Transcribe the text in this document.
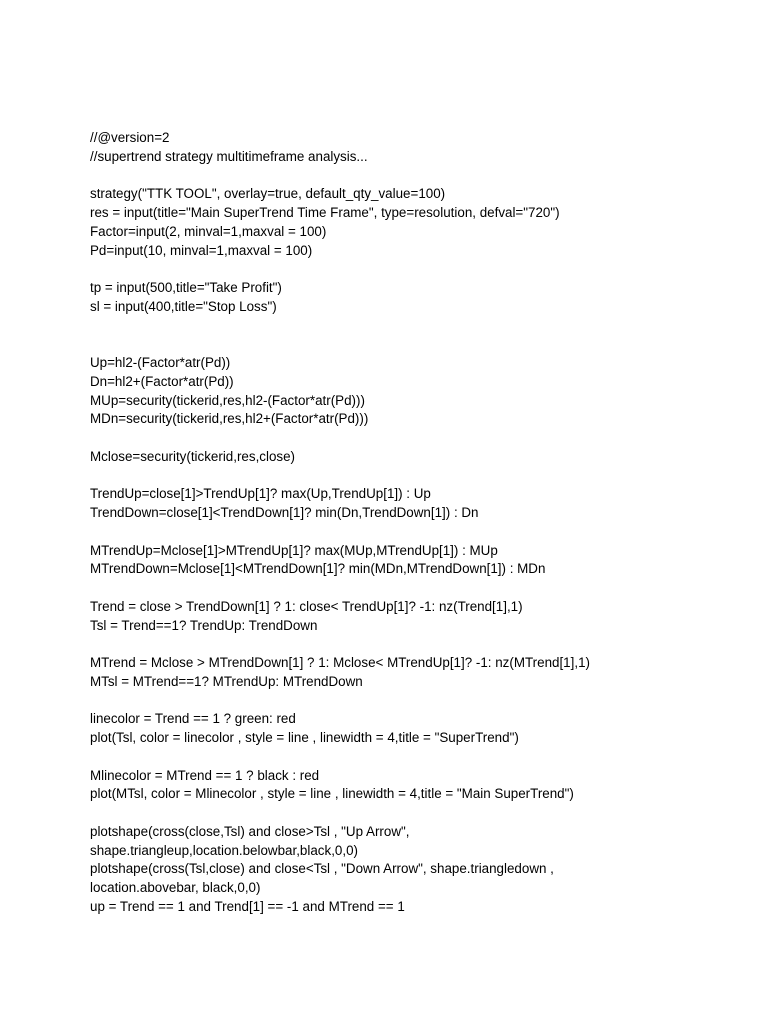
//@version=2
//supertrend strategy multitimeframe analysis...
strategy("TTK TOOL", overlay=true, default_qty_value=100)
res = input(title="Main SuperTrend Time Frame", type=resolution, defval="720")
Factor=input(2, minval=1,maxval = 100)
Pd=input(10, minval=1,maxval = 100)
tp = input(500,title="Take Profit")
sl = input(400,title="Stop Loss")
Up=hl2-(Factor*atr(Pd))
Dn=hl2+(Factor*atr(Pd))
MUp=security(tickerid,res,hl2-(Factor*atr(Pd)))
MDn=security(tickerid,res,hl2+(Factor*atr(Pd)))
Mclose=security(tickerid,res,close)
TrendUp=close[1]>TrendUp[1]? max(Up,TrendUp[1]) : Up
TrendDown=close[1]<TrendDown[1]? min(Dn,TrendDown[1]) : Dn
MTrendUp=Mclose[1]>MTrendUp[1]? max(MUp,MTrendUp[1]) : MUp
MTrendDown=Mclose[1]<MTrendDown[1]? min(MDn,MTrendDown[1]) : MDn
Trend = close > TrendDown[1] ? 1: close< TrendUp[1]? -1: nz(Trend[1],1)
Tsl = Trend==1? TrendUp: TrendDown
MTrend = Mclose > MTrendDown[1] ? 1: Mclose< MTrendUp[1]? -1: nz(MTrend[1],1)
MTsl = MTrend==1? MTrendUp: MTrendDown
linecolor = Trend == 1 ? green: red
plot(Tsl, color = linecolor , style = line , linewidth = 4,title = "SuperTrend")
Mlinecolor = MTrend == 1 ? black : red
plot(MTsl, color = Mlinecolor , style = line , linewidth = 4,title = "Main SuperTrend")
plotshape(cross(close,Tsl) and close>Tsl , "Up Arrow",
shape.triangleup,location.belowbar,black,0,0)
plotshape(cross(Tsl,close) and close<Tsl , "Down Arrow", shape.triangledown ,
location.abovebar, black,0,0)
up = Trend == 1 and Trend[1] == -1 and MTrend == 1
